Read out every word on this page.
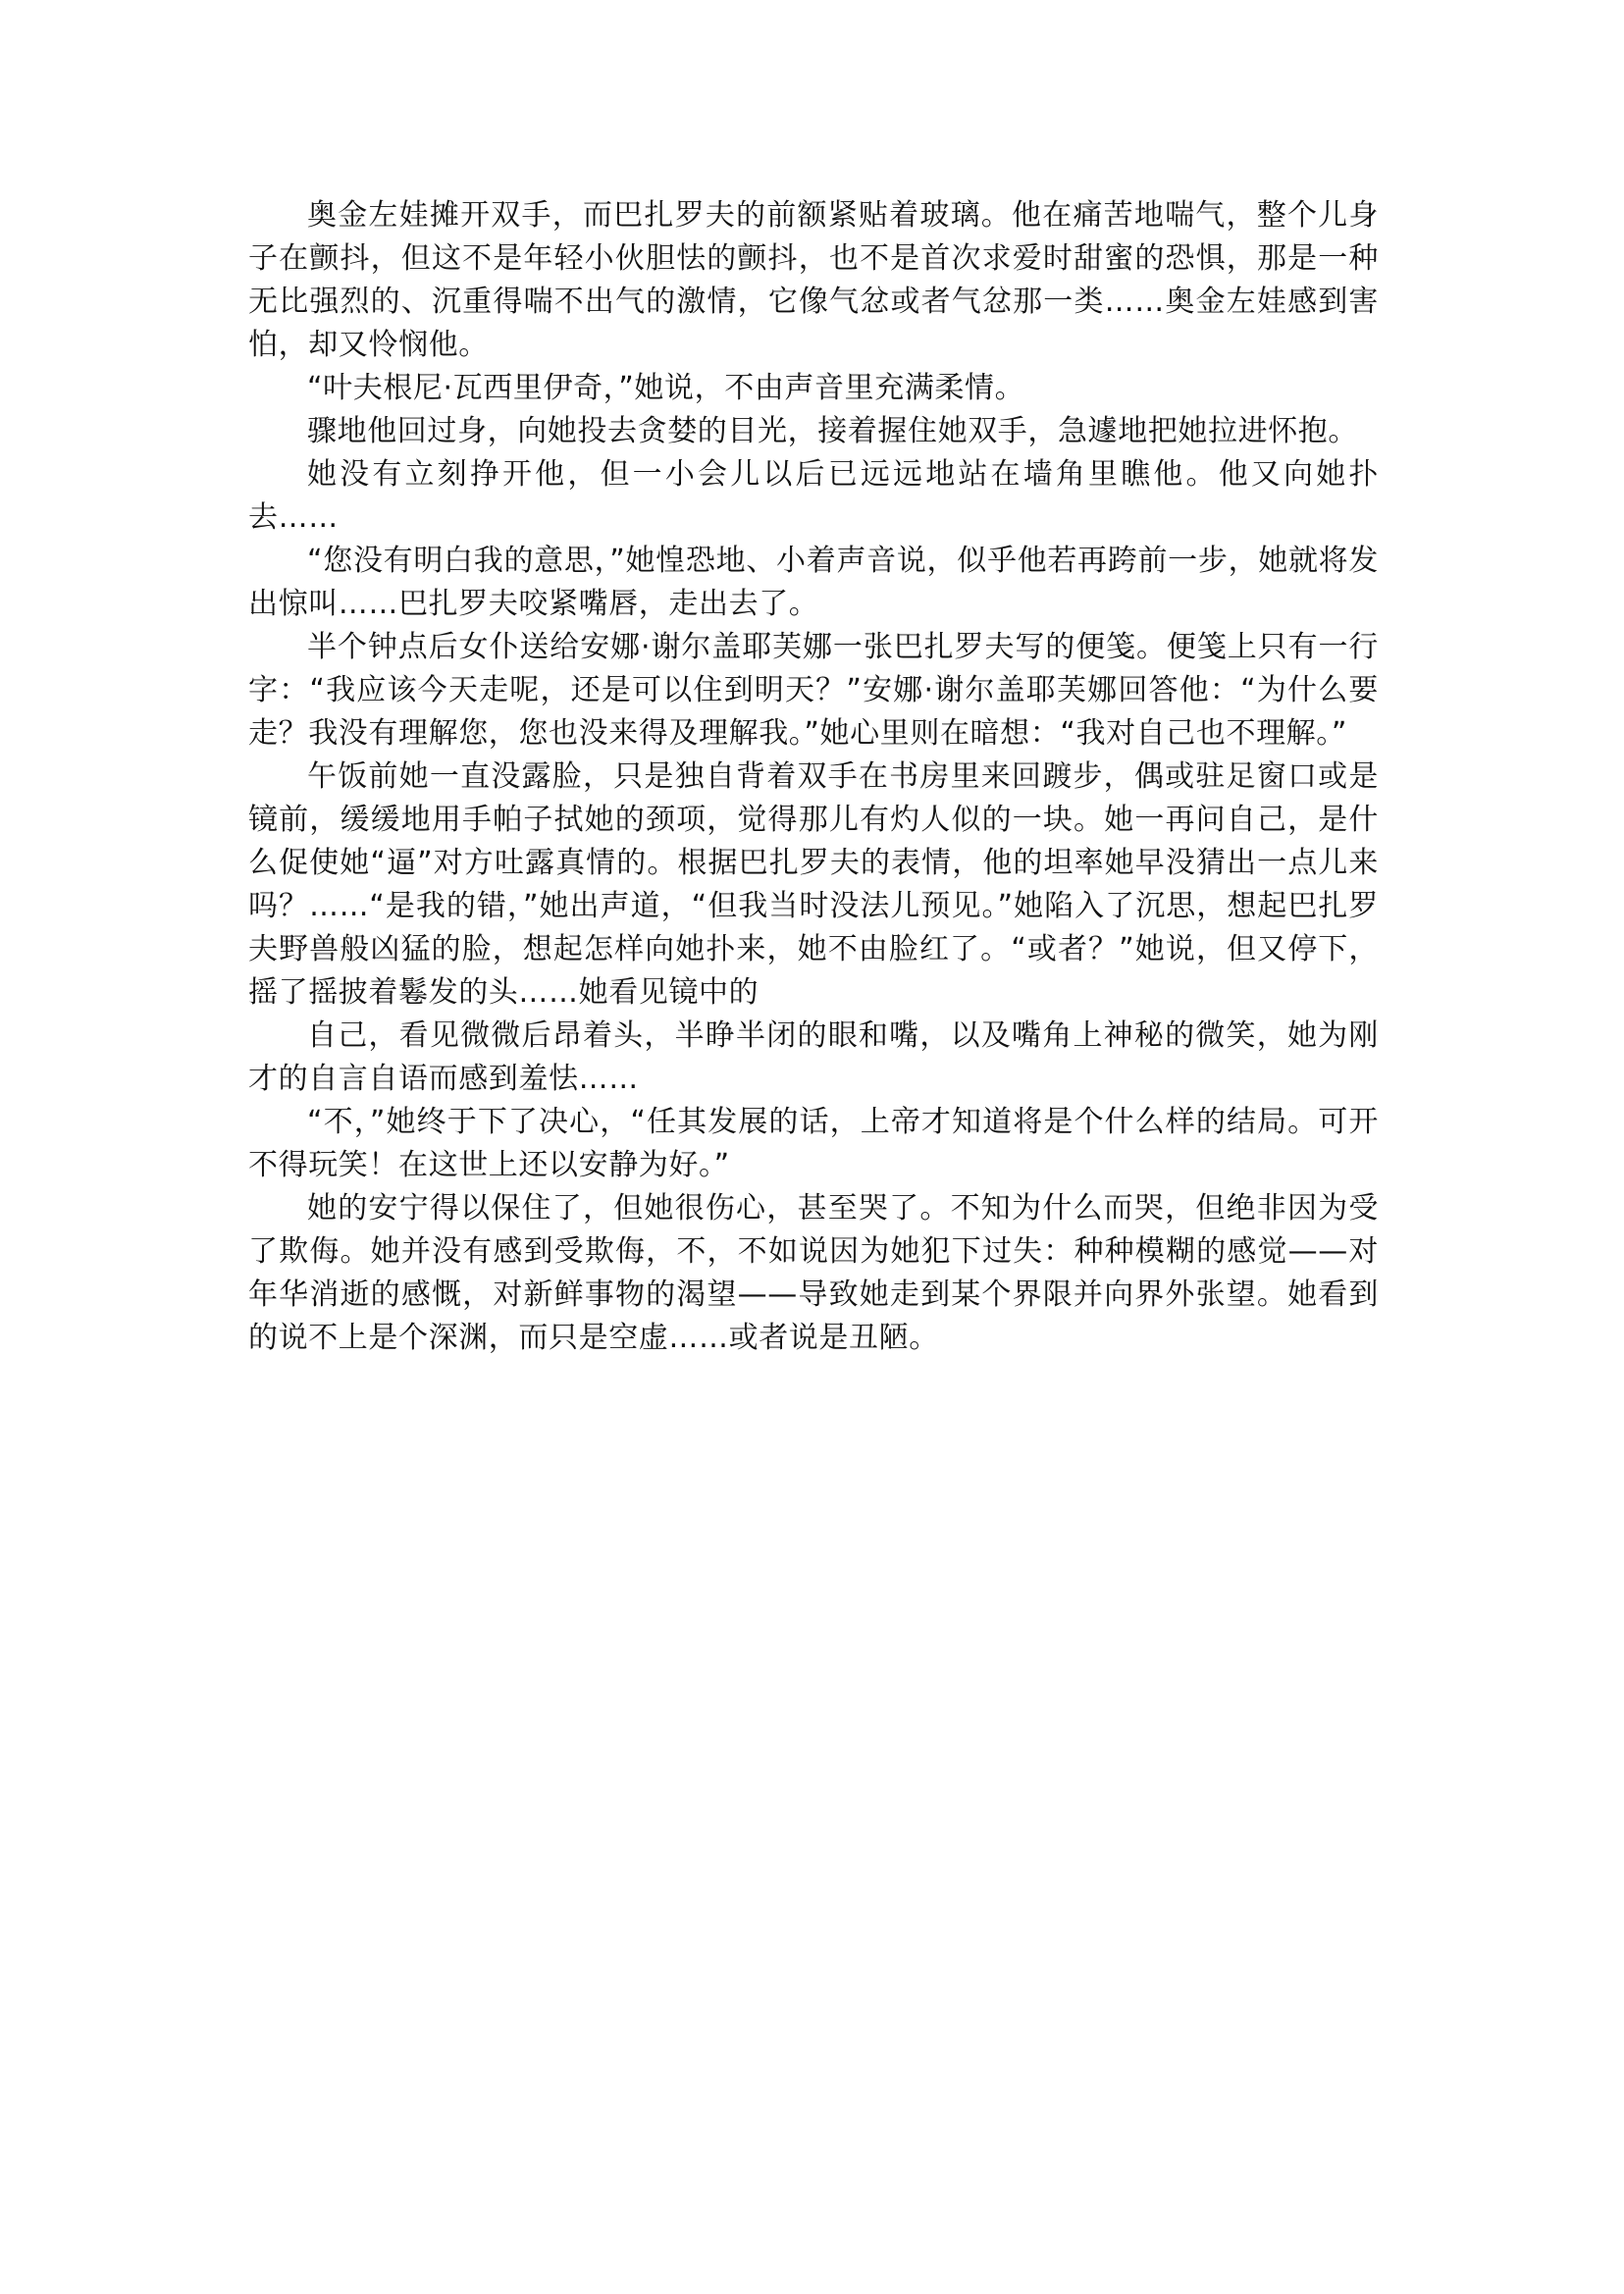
奥金左娃摊开双手，而巴扎罗夫的前额紧贴着玻璃。他在痛苦地喘气，整个儿身子在颤抖，但这不是年轻小伙胆怯的颤抖，也不是首次求爱时甜蜜的恐惧，那是一种无比强烈的、沉重得喘不出气的激情，它像气忿或者气忿那一类……奥金左娃感到害怕，却又怜悯他。

“叶夫根尼·瓦西里伊奇，”她说，不由声音里充满柔情。

骤地他回过身，向她投去贪婪的目光，接着握住她双手，急遽地把她拉进怀抱。

她没有立刻挣开他，但一小会儿以后已远远地站在墙角里瞧他。他又向她扑去……

“您没有明白我的意思，”她惶恐地、小着声音说，似乎他若再跨前一步，她就将发出惊叫……巴扎罗夫咬紧嘴唇，走出去了。

半个钟点后女仆送给安娜·谢尔盖耶芙娜一张巴扎罗夫写的便笺。便笺上只有一行字：“我应该今天走呢，还是可以住到明天？”安娜·谢尔盖耶芙娜回答他：“为什么要走？我没有理解您，您也没来得及理解我。”她心里则在暗想：“我对自己也不理解。”

午饭前她一直没露脸，只是独自背着双手在书房里来回踱步，偶或驻足窗口或是镜前，缓缓地用手帕子拭她的颈项，觉得那儿有灼人似的一块。她一再问自己，是什么促使她“逼”对方吐露真情的。根据巴扎罗夫的表情，他的坦率她早没猜出一点儿来吗？……“是我的错，”她出声道，“但我当时没法儿预见。”她陷入了沉思，想起巴扎罗夫野兽般凶猛的脸，想起怎样向她扑来，她不由脸红了。“或者？”她说，但又停下，摇了摇披着鬈发的头……她看见镜中的

自己，看见微微后昂着头，半睁半闭的眼和嘴，以及嘴角上神秘的微笑，她为刚才的自言自语而感到羞怯……

“不，”她终于下了决心，“任其发展的话，上帝才知道将是个什么样的结局。可开不得玩笑！在这世上还以安静为好。”

她的安宁得以保住了，但她很伤心，甚至哭了。不知为什么而哭，但绝非因为受了欺侮。她并没有感到受欺侮，不，不如说因为她犯下过失：种种模糊的感觉——对年华消逝的感慨，对新鲜事物的渴望——导致她走到某个界限并向界外张望。她看到的说不上是个深渊，而只是空虚……或者说是丑陋。
